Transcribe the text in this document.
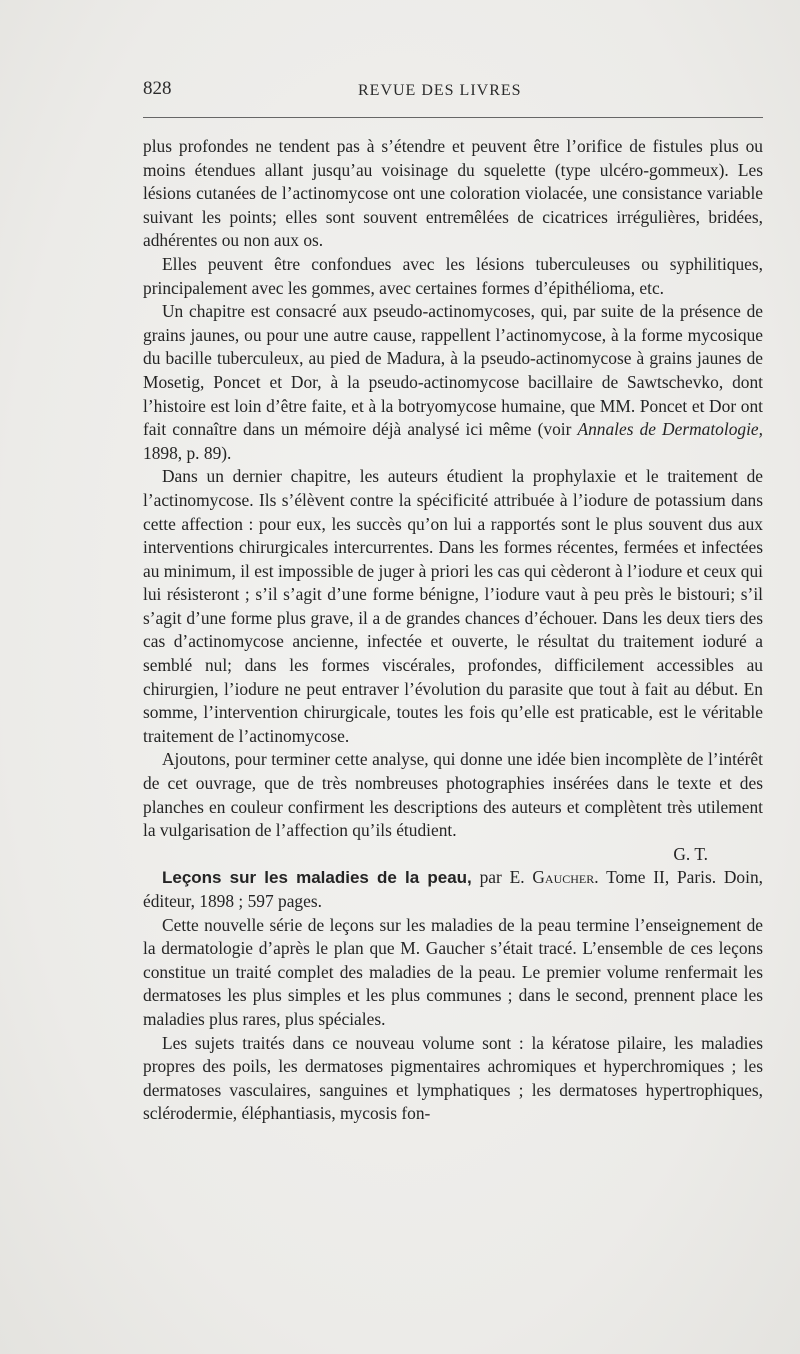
828	REVUE DES LIVRES

plus profondes ne tendent pas à s’étendre et peuvent être l’orifice de fistules plus ou moins étendues allant jusqu’au voisinage du squelette (type ulcéro-gommeux). Les lésions cutanées de l’actinomycose ont une coloration violacée, une consistance variable suivant les points; elles sont souvent entremêlées de cicatrices irrégulières, bridées, adhérentes ou non aux os.

Elles peuvent être confondues avec les lésions tuberculeuses ou syphilitiques, principalement avec les gommes, avec certaines formes d’épithélioma, etc.

Un chapitre est consacré aux pseudo-actinomycoses, qui, par suite de la présence de grains jaunes, ou pour une autre cause, rappellent l’actinomycose, à la forme mycosique du bacille tuberculeux, au pied de Madura, à la pseudo-actinomycose à grains jaunes de Mosetig, Poncet et Dor, à la pseudo-actinomycose bacillaire de Sawtschevko, dont l’histoire est loin d’être faite, et à la botryomycose humaine, que MM. Poncet et Dor ont fait connaître dans un mémoire déjà analysé ici même (voir Annales de Dermatologie, 1898, p. 89).

Dans un dernier chapitre, les auteurs étudient la prophylaxie et le traitement de l’actinomycose. Ils s’élèvent contre la spécificité attribuée à l’iodure de potassium dans cette affection : pour eux, les succès qu’on lui a rapportés sont le plus souvent dus aux interventions chirurgicales intercurrentes. Dans les formes récentes, fermées et infectées au minimum, il est impossible de juger à priori les cas qui cèderont à l’iodure et ceux qui lui résisteront ; s’il s’agit d’une forme bénigne, l’iodure vaut à peu près le bistouri; s’il s’agit d’une forme plus grave, il a de grandes chances d’échouer. Dans les deux tiers des cas d’actinomycose ancienne, infectée et ouverte, le résultat du traitement ioduré a semblé nul; dans les formes viscérales, profondes, difficilement accessibles au chirurgien, l’iodure ne peut entraver l’évolution du parasite que tout à fait au début. En somme, l’intervention chirurgicale, toutes les fois qu’elle est praticable, est le véritable traitement de l’actinomycose.

Ajoutons, pour terminer cette analyse, qui donne une idée bien incomplète de l’intérêt de cet ouvrage, que de très nombreuses photographies insérées dans le texte et des planches en couleur confirment les descriptions des auteurs et complètent très utilement la vulgarisation de l’affection qu’ils étudient.

G. T.

Leçons sur les maladies de la peau, par E. Gaucher. Tome II, Paris. Doin, éditeur, 1898 ; 597 pages.

Cette nouvelle série de leçons sur les maladies de la peau termine l’enseignement de la dermatologie d’après le plan que M. Gaucher s’était tracé. L’ensemble de ces leçons constitue un traité complet des maladies de la peau. Le premier volume renfermait les dermatoses les plus simples et les plus communes ; dans le second, prennent place les maladies plus rares, plus spéciales.

Les sujets traités dans ce nouveau volume sont : la kératose pilaire, les maladies propres des poils, les dermatoses pigmentaires achromiques et hyperchromiques ; les dermatoses vasculaires, sanguines et lymphatiques ; les dermatoses hypertrophiques, sclérodermie, éléphantiasis, mycosis fon-
